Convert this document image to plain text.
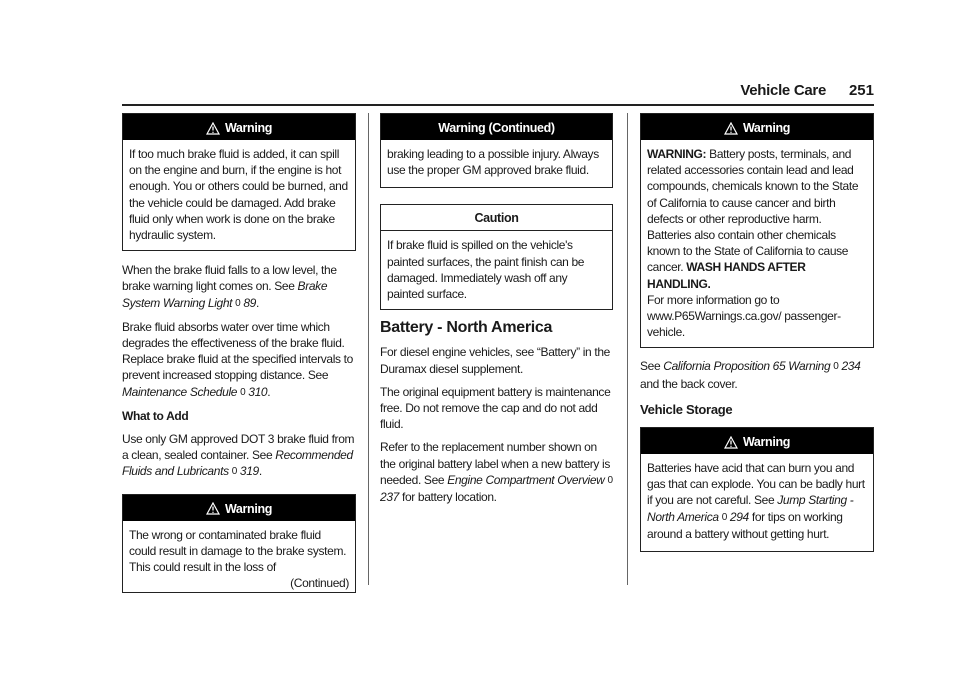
Vehicle Care 251
Warning
If too much brake fluid is added, it can spill on the engine and burn, if the engine is hot enough. You or others could be burned, and the vehicle could be damaged. Add brake fluid only when work is done on the brake hydraulic system.

When the brake fluid falls to a low level, the brake warning light comes on. See Brake System Warning Light 0 89.

Brake fluid absorbs water over time which degrades the effectiveness of the brake fluid. Replace brake fluid at the specified intervals to prevent increased stopping distance. See Maintenance Schedule 0 310.

What to Add

Use only GM approved DOT 3 brake fluid from a clean, sealed container. See Recommended Fluids and Lubricants 0 319.

Warning
The wrong or contaminated brake fluid could result in damage to the brake system. This could result in the loss of
(Continued)
Warning (Continued)
braking leading to a possible injury. Always use the proper GM approved brake fluid.
Caution
If brake fluid is spilled on the vehicle's painted surfaces, the paint finish can be damaged. Immediately wash off any painted surface.
Battery - North America

For diesel engine vehicles, see “Battery” in the Duramax diesel supplement.

The original equipment battery is maintenance free. Do not remove the cap and do not add fluid.

Refer to the replacement number shown on the original battery label when a new battery is needed. See Engine Compartment Overview 0 237 for battery location.

Warning
WARNING: Battery posts, terminals, and related accessories contain lead and lead compounds, chemicals known to the State of California to cause cancer and birth defects or other reproductive harm. Batteries also contain other chemicals known to the State of California to cause cancer. WASH HANDS AFTER HANDLING.
For more information go to www.P65Warnings.ca.gov/ passenger-vehicle.

See California Proposition 65 Warning 0 234
and the back cover.

Vehicle Storage
Warning
Batteries have acid that can burn you and gas that can explode. You can be badly hurt if you are not careful. See Jump Starting - North America 0 294 for tips on working around a battery without getting hurt.
